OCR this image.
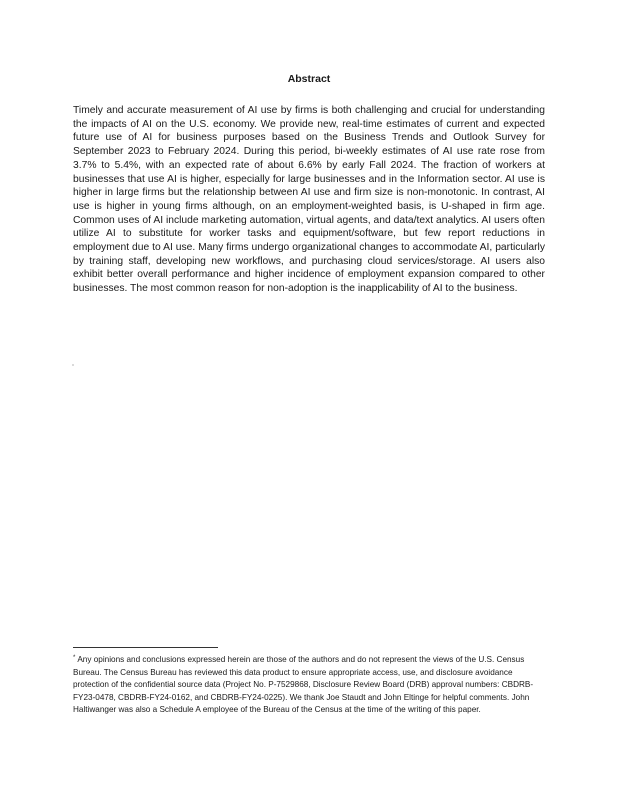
Abstract

Timely and accurate measurement of AI use by firms is both challenging and crucial for understanding the impacts of AI on the U.S. economy. We provide new, real-time estimates of current and expected future use of AI for business purposes based on the Business Trends and Outlook Survey for September 2023 to February 2024. During this period, bi-weekly estimates of AI use rate rose from 3.7% to 5.4%, with an expected rate of about 6.6% by early Fall 2024. The fraction of workers at businesses that use AI is higher, especially for large businesses and in the Information sector. AI use is higher in large firms but the relationship between AI use and firm size is non-monotonic. In contrast, AI use is higher in young firms although, on an employment-weighted basis, is U-shaped in firm age. Common uses of AI include marketing automation, virtual agents, and data/text analytics. AI users often utilize AI to substitute for worker tasks and equipment/software, but few report reductions in employment due to AI use. Many firms undergo organizational changes to accommodate AI, particularly by training staff, developing new workflows, and purchasing cloud services/storage. AI users also exhibit better overall performance and higher incidence of employment expansion compared to other businesses. The most common reason for non-adoption is the inapplicability of AI to the business.

* Any opinions and conclusions expressed herein are those of the authors and do not represent the views of the U.S. Census Bureau. The Census Bureau has reviewed this data product to ensure appropriate access, use, and disclosure avoidance protection of the confidential source data (Project No. P-7529868, Disclosure Review Board (DRB) approval numbers: CBDRB-FY23-0478, CBDRB-FY24-0162, and CBDRB-FY24-0225). We thank Joe Staudt and John Eltinge for helpful comments. John Haltiwanger was also a Schedule A employee of the Bureau of the Census at the time of the writing of this paper.
